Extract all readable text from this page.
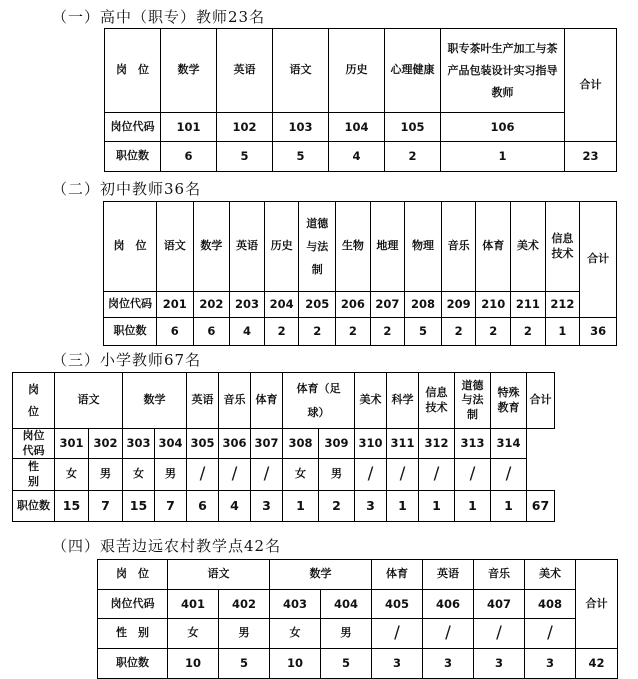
（一）高中（职专）教师23名
岗　位	数学	英语	语文	历史	心理健康	职专茶叶生产加工与茶产品包装设计实习指导教师	合计
岗位代码	101	102	103	104	105	106	
职位数	6	5	5	4	2	1	23
（二）初中教师36名
岗　位	语文	数学	英语	历史	道德与法制	生物	地理	物理	音乐	体育	美术	信息技术	合计
岗位代码	201	202	203	204	205	206	207	208	209	210	211	212	
职位数	6	6	4	2	2	2	2	5	2	2	2	1	36
（三）小学教师67名
岗位	语文		数学		英语	音乐	体育	体育（足球）		美术	科学	信息技术	道德与法制	特殊教育	合计

岗位代码	301	302	303	304	305	306	307	308	309	310	311	312	313	314	

性别	女	男	女	男	/	/	/	女	男	/	/	/	/	/	
职位数	15	7	15	7	6	4	3	1	2	3	1	1	1	1	67
（四）艰苦边远农村教学点42名
岗　位	语文		数学		体育	英语	音乐	美术	合计
岗位代码	401	402	403	404	405	406	407	408	
性　别	女	男	女	男	/	/	/	/	
职位数	10	5	10	5	3	3	3	3	42
